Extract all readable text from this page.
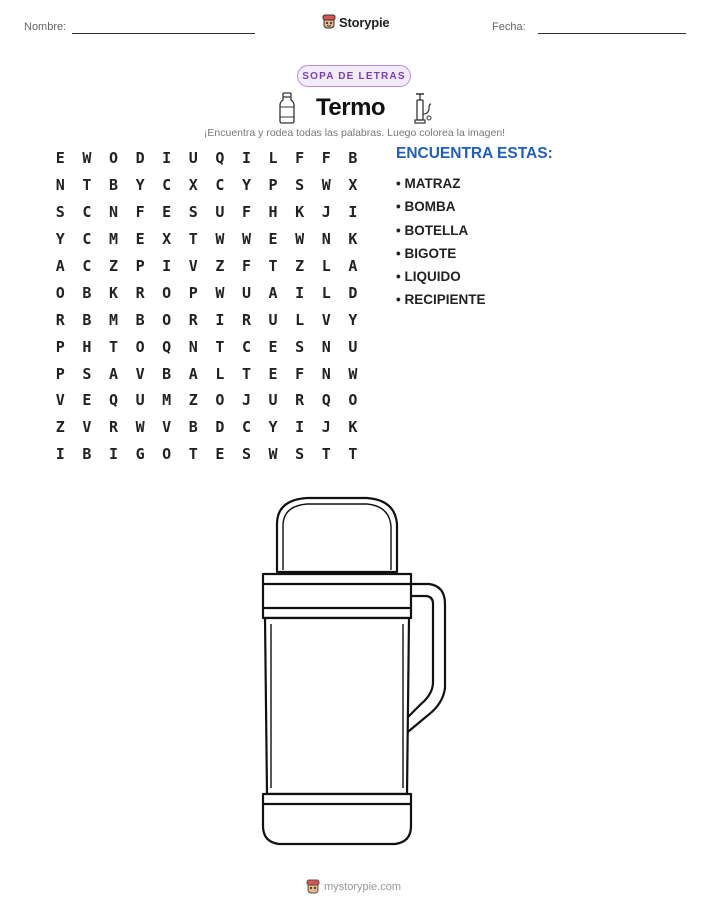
Nombre:	Storypie	Fecha:
SOPA DE LETRAS
Termo
¡Encuentra y rodea todas las palabras. Luego colorea la imagen!
E	W	O	D	I	U	Q	I	L	F	F	B
N	T	B	Y	C	X	C	Y	P	S	W	X
S	C	N	F	E	S	U	F	H	K	J	I
Y	C	M	E	X	T	W	W	E	W	N	K
A	C	Z	P	I	V	Z	F	T	Z	L	A
O	B	K	R	O	P	W	U	A	I	L	D
R	B	M	B	O	R	I	R	U	L	V	Y
P	H	T	O	Q	N	T	C	E	S	N	U
P	S	A	V	B	A	L	T	E	F	N	W
V	E	Q	U	M	Z	O	J	U	R	Q	O
Z	V	R	W	V	B	D	C	Y	I	J	K
I	B	I	G	O	T	E	S	W	S	T	T
ENCUENTRA ESTAS:
• MATRAZ
• BOMBA
• BOTELLA
• BIGOTE
• LIQUIDO
• RECIPIENTE
mystorypie.com
